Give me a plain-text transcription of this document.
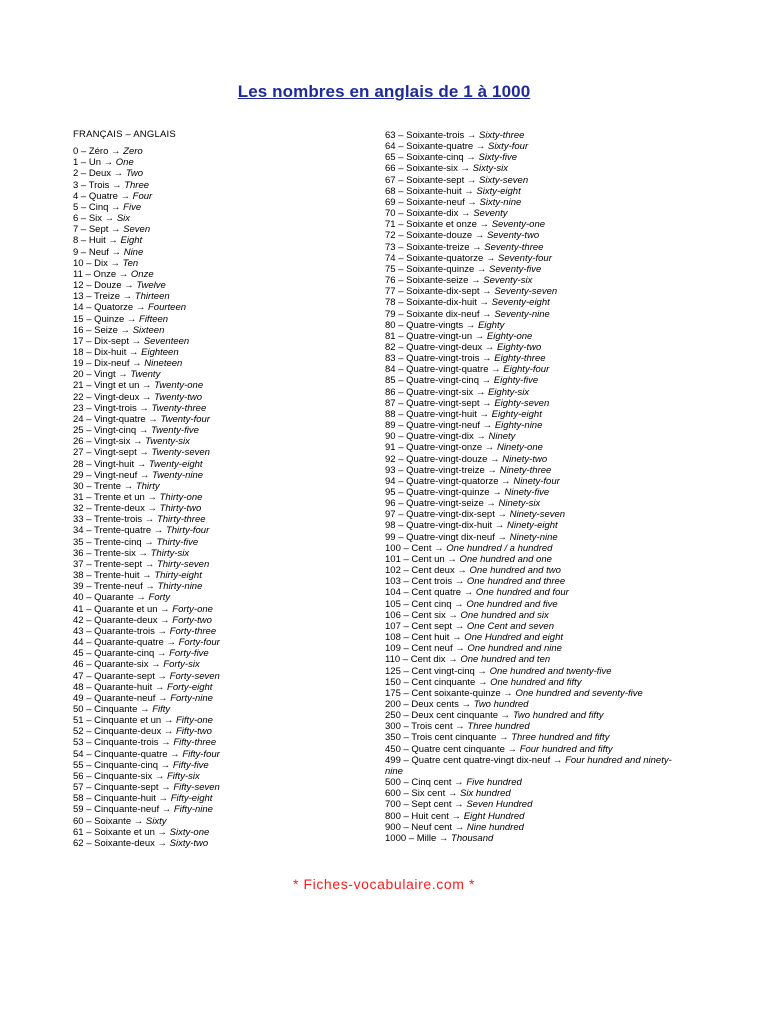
Les nombres en anglais de 1 à 1000
FRANÇAIS – ANGLAIS
0 – Zéro → Zero
1 – Un → One
2 – Deux → Two
3 – Trois → Three
4 – Quatre → Four
5 – Cinq → Five
6 – Six → Six
7 – Sept → Seven
8 – Huit → Eight
9 – Neuf → Nine
10 – Dix → Ten
11 – Onze → Onze
12 – Douze → Twelve
13 – Treize → Thirteen
14 – Quatorze → Fourteen
15 – Quinze → Fifteen
16 – Seize → Sixteen
17 – Dix-sept → Seventeen
18 – Dix-huit → Eighteen
19 – Dix-neuf → Nineteen
20 – Vingt → Twenty
21 – Vingt et un → Twenty-one
22 – Vingt-deux → Twenty-two
23 – Vingt-trois → Twenty-three
24 – Vingt-quatre → Twenty-four
25 – Vingt-cinq → Twenty-five
26 – Vingt-six → Twenty-six
27 – Vingt-sept → Twenty-seven
28 – Vingt-huit → Twenty-eight
29 – Vingt-neuf → Twenty-nine
30 – Trente → Thirty
31 – Trente et un → Thirty-one
32 – Trente-deux → Thirty-two
33 – Trente-trois → Thirty-three
34 – Trente-quatre → Thirty-four
35 – Trente-cinq → Thirty-five
36 – Trente-six → Thirty-six
37 – Trente-sept → Thirty-seven
38 – Trente-huit → Thirty-eight
39 – Trente-neuf → Thirty-nine
40 – Quarante → Forty
41 – Quarante et un → Forty-one
42 – Quarante-deux → Forty-two
43 – Quarante-trois → Forty-three
44 – Quarante-quatre → Forty-four
45 – Quarante-cinq → Forty-five
46 – Quarante-six → Forty-six
47 – Quarante-sept → Forty-seven
48 – Quarante-huit → Forty-eight
49 – Quarante-neuf → Forty-nine
50 – Cinquante → Fifty
51 – Cinquante et un → Fifty-one
52 – Cinquante-deux → Fifty-two
53 – Cinquante-trois → Fifty-three
54 – Cinquante-quatre → Fifty-four
55 – Cinquante-cinq → Fifty-five
56 – Cinquante-six → Fifty-six
57 – Cinquante-sept → Fifty-seven
58 – Cinquante-huit → Fifty-eight
59 – Cinquante-neuf → Fifty-nine
60 – Soixante → Sixty
61 – Soixante et un → Sixty-one
62 – Soixante-deux → Sixty-two
63 – Soixante-trois → Sixty-three
64 – Soixante-quatre → Sixty-four
65 – Soixante-cinq → Sixty-five
66 – Soixante-six → Sixty-six
67 – Soixante-sept → Sixty-seven
68 – Soixante-huit → Sixty-eight
69 – Soixante-neuf → Sixty-nine
70 – Soixante-dix → Seventy
71 – Soixante et onze → Seventy-one
72 – Soixante-douze → Seventy-two
73 – Soixante-treize → Seventy-three
74 – Soixante-quatorze → Seventy-four
75 – Soixante-quinze → Seventy-five
76 – Soixante-seize → Seventy-six
77 – Soixante-dix-sept → Seventy-seven
78 – Soixante-dix-huit → Seventy-eight
79 – Soixante dix-neuf → Seventy-nine
80 – Quatre-vingts → Eighty
81 – Quatre-vingt-un → Eighty-one
82 – Quatre-vingt-deux → Eighty-two
83 – Quatre-vingt-trois → Eighty-three
84 – Quatre-vingt-quatre → Eighty-four
85 – Quatre-vingt-cinq → Eighty-five
86 – Quatre-vingt-six → Eighty-six
87 – Quatre-vingt-sept → Eighty-seven
88 – Quatre-vingt-huit → Eighty-eight
89 – Quatre-vingt-neuf → Eighty-nine
90 – Quatre-vingt-dix → Ninety
91 – Quatre-vingt-onze → Ninety-one
92 – Quatre-vingt-douze → Ninety-two
93 – Quatre-vingt-treize → Ninety-three
94 – Quatre-vingt-quatorze → Ninety-four
95 – Quatre-vingt-quinze → Ninety-five
96 – Quatre-vingt-seize → Ninety-six
97 – Quatre-vingt-dix-sept → Ninety-seven
98 – Quatre-vingt-dix-huit → Ninety-eight
99 – Quatre-vingt dix-neuf → Ninety-nine
100 – Cent → One hundred / a hundred
101 – Cent un → One hundred and one
102 – Cent deux → One hundred and two
103 – Cent trois → One hundred and three
104 – Cent quatre → One hundred and four
105 – Cent cinq → One hundred and five
106 – Cent six → One hundred and six
107 – Cent sept → One Cent and seven
108 – Cent huit → One Hundred and eight
109 – Cent neuf → One hundred and nine
110 – Cent dix → One hundred and ten
125 – Cent vingt-cinq → One hundred and twenty-five
150 – Cent cinquante → One hundred and fifty
175 – Cent soixante-quinze → One hundred and seventy-five
200 – Deux cents → Two hundred
250 – Deux cent cinquante → Two hundred and fifty
300 – Trois cent → Three hundred
350 – Trois cent cinquante → Three hundred and fifty
450 – Quatre cent cinquante → Four hundred and fifty
499 – Quatre cent quatre-vingt dix-neuf → Four hundred and ninety-nine
500 – Cinq cent → Five hundred
600 – Six cent → Six hundred
700 – Sept cent → Seven Hundred
800 – Huit cent → Eight Hundred
900 – Neuf cent → Nine hundred
1000 – Mille → Thousand
* Fiches-vocabulaire.com *
